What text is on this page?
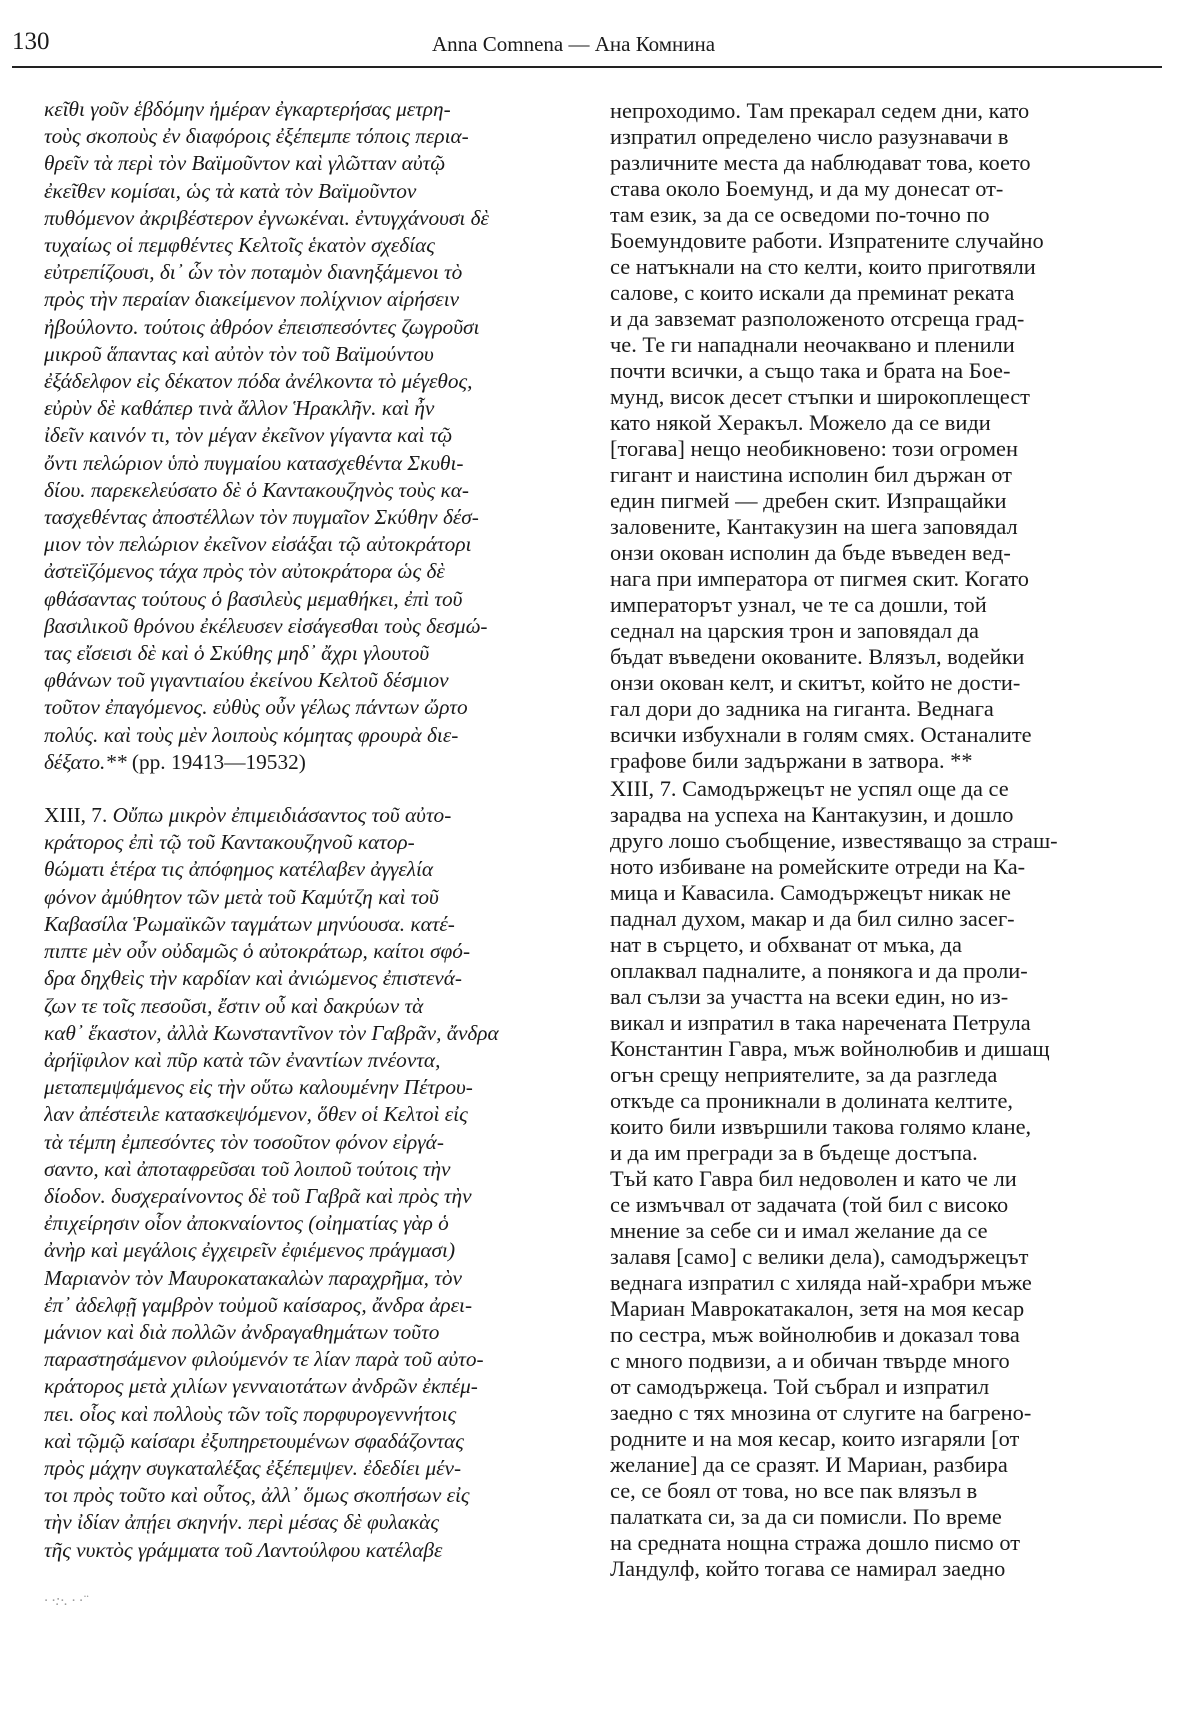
130	Anna Comnena — Ана Комнина
κεῖθι γοῦν ἑβδόμην ἡμέραν ἐγκαρτερήσας μετρη-
τοὺς σκοποὺς ἐν διαφόροις ἐξέπεμπε τόποις περια-
θρεῖν τὰ περὶ τὸν Βαϊμοῦντον καὶ γλῶτταν αὐτῷ
ἐκεῖθεν κομίσαι, ὡς τὰ κατὰ τὸν Βαϊμοῦντον
πυθόμενον ἀκριβέστερον ἐγνωκέναι. ἐντυγχάνουσι δὲ
τυχαίως οἱ πεμφθέντες Κελτοῖς ἑκατὸν σχεδίας
εὐτρεπίζουσι, δι᾽ ὧν τὸν ποταμὸν διανηξάμενοι τὸ
πρὸς τὴν περαίαν διακείμενον πολίχνιον αἱρήσειν
ἠβούλοντο. τούτοις ἀθρόον ἐπεισπεσόντες ζωγροῦσι
μικροῦ ἅπαντας καὶ αὐτὸν τὸν τοῦ Βαϊμούντου
ἐξάδελφον εἰς δέκατον πόδα ἀνέλκοντα τὸ μέγεθος,
εὐρὺν δὲ καθάπερ τινὰ ἄλλον Ἡρακλῆν. καὶ ἦν
ἰδεῖν καινόν τι, τὸν μέγαν ἐκεῖνον γίγαντα καὶ τῷ
ὄντι πελώριον ὑπὸ πυγμαίου κατασχεθέντα Σκυθι-
δίου. παρεκελεύσατο δὲ ὁ Καντακουζηνὸς τοὺς κα-
τασχεθέντας ἀποστέλλων τὸν πυγμαῖον Σκύθην δέσ-
μιον τὸν πελώριον ἐκεῖνον εἰσάξαι τῷ αὐτοκράτορι
ἀστεϊζόμενος τάχα πρὸς τὸν αὐτοκράτορα ὡς δὲ
φθάσαντας τούτους ὁ βασιλεὺς μεμαθήκει, ἐπὶ τοῦ
βασιλικοῦ θρόνου ἐκέλευσεν εἰσάγεσθαι τοὺς δεσμώ-
τας εἴσεισι δὲ καὶ ὁ Σκύθης μηδ᾽ ἄχρι γλουτοῦ
φθάνων τοῦ γιγαντιαίου ἐκείνου Κελτοῦ δέσμιον
τοῦτον ἐπαγόμενος. εὐθὺς οὖν γέλως πάντων ὤρτο
πολύς. καὶ τοὺς μὲν λοιποὺς κόμητας φρουρὰ διε-
δέξατο.** (pp. 19413—19532)
XIII, 7. Οὔπω μικρὸν ἐπιμειδιάσαντος τοῦ αὐτο-
κράτορος ἐπὶ τῷ τοῦ Καντακουζηνοῦ κατορ-
θώματι ἑτέρα τις ἀπόφημος κατέλαβεν ἀγγελία
φόνον ἀμύθητον τῶν μετὰ τοῦ Καμύτζη καὶ τοῦ
Καβασίλα Ῥωμαϊκῶν ταγμάτων μηνύουσα. κατέ-
πιπτε μὲν οὖν οὐδαμῶς ὁ αὐτοκράτωρ, καίτοι σφό-
δρα δηχθεὶς τὴν καρδίαν καὶ ἀνιώμενος ἐπιστενά-
ζων τε τοῖς πεσοῦσι, ἔστιν οὗ καὶ δακρύων τὰ
καθ᾽ ἕκαστον, ἀλλὰ Κωνσταντῖνον τὸν Γαβρᾶν, ἄνδρα
ἀρήϊφιλον καὶ πῦρ κατὰ τῶν ἐναντίων πνέοντα,
μεταπεμψάμενος εἰς τὴν οὕτω καλουμένην Πέτρου-
λαν ἀπέστειλε κατασκεψόμενον, ὅθεν οἱ Κελτοὶ εἰς
τὰ τέμπη ἐμπεσόντες τὸν τοσοῦτον φόνον εἰργά-
σαντο, καὶ ἀποταφρεῦσαι τοῦ λοιποῦ τούτοις τὴν
δίοδον. δυσχεραίνοντος δὲ τοῦ Γαβρᾶ καὶ πρὸς τὴν
ἐπιχείρησιν οἷον ἀποκναίοντος (οἰηματίας γὰρ ὁ
ἀνὴρ καὶ μεγάλοις ἐγχειρεῖν ἐφιέμενος πράγμασι)
Μαριανὸν τὸν Μαυροκατακαλὼν παραχρῆμα, τὸν
ἐπ᾽ ἀδελφῇ γαμβρὸν τοὐμοῦ καίσαρος, ἄνδρα ἀρει-
μάνιον καὶ διὰ πολλῶν ἀνδραγαθημάτων τοῦτο
παραστησάμενον φιλούμενόν τε λίαν παρὰ τοῦ αὐτο-
κράτορος μετὰ χιλίων γενναιοτάτων ἀνδρῶν ἐκπέμ-
πει. οἷος καὶ πολλοὺς τῶν τοῖς πορφυρογεννήτοις
καὶ τῷμῷ καίσαρι ἐξυπηρετουμένων σφαδάζοντας
πρὸς μάχην συγκαταλέξας ἐξέπεμψεν. ἐδεδίει μέν-
τοι πρὸς τοῦτο καὶ οὗτος, ἀλλ᾽ ὅμως σκοπήσων εἰς
τὴν ἰδίαν ἀπῄει σκηνήν. περὶ μέσας δὲ φυλακὰς
τῆς νυκτὸς γράμματα τοῦ Λαντούλφου κατέλαβε
· ·:·. · ·̈
непроходимо. Там прекарал седем дни, като
изпратил определено число разузнавачи в
различните места да наблюдават това, което
става около Боемунд, и да му донесат от-
там език, за да се осведоми по-точно по
Боемундовите работи. Изпратените случайно
се натъкнали на сто келти, които приготвяли
салове, с които искали да преминат реката
и да завземат разположеното отсреща град-
че. Те ги нападнали неочаквано и пленили
почти всички, а също така и брата на Бое-
мунд, висок десет стъпки и широкоплещест
като някой Херакъл. Можело да се види
[тогава] нещо необикновено: този огромен
гигант и наистина исполин бил държан от
един пигмей — дребен скит. Изпращайки
заловените, Кантакузин на шега заповядал
онзи окован исполин да бъде въведен вед-
нага при императора от пигмея скит. Когато
императорът узнал, че те са дошли, той
седнал на царския трон и заповядал да
бъдат въведени окованите. Влязъл, водейки
онзи окован келт, и скитът, който не дости-
гал дори до задника на гиганта. Веднага
всички избухнали в голям смях. Останалите
графове били задържани в затвора. **
XIII, 7. Самодържецът не успял още да се
зарадва на успеха на Кантакузин, и дошло
друго лошо съобщение, известяващо за страш-
ното избиване на ромейските отреди на Ка-
мица и Кавасила. Самодържецът никак не
паднал духом, макар и да бил силно засег-
нат в сърцето, и обхванат от мъка, да
оплаквал падналите, а понякога и да проли-
вал сълзи за участта на всеки един, но из-
викал и изпратил в така наречената Петрула
Константин Гавра, мъж войнолюбив и дишащ
огън срещу неприятелите, за да разгледа
откъде са проникнали в долината келтите,
които били извършили такова голямо клане,
и да им прегради за в бъдеще достъпа.
Тъй като Гавра бил недоволен и като че ли
се измъчвал от задачата (той бил с високо
мнение за себе си и имал желание да се
залавя [само] с велики дела), самодържецът
веднага изпратил с хиляда най-храбри мъже
Мариан Маврокатакалон, зетя на моя кесар
по сестра, мъж войнолюбив и доказал това
с много подвизи, а и обичан твърде много
от самодържеца. Той събрал и изпратил
заедно с тях мнозина от слугите на багрено-
родните и на моя кесар, които изгаряли [от
желание] да се сразят. И Мариан, разбира
се, се боял от това, но все пак влязъл в
палатката си, за да си помисли. По време
на средната нощна стража дошло писмо от
Ландулф, който тогава се намирал заедно
